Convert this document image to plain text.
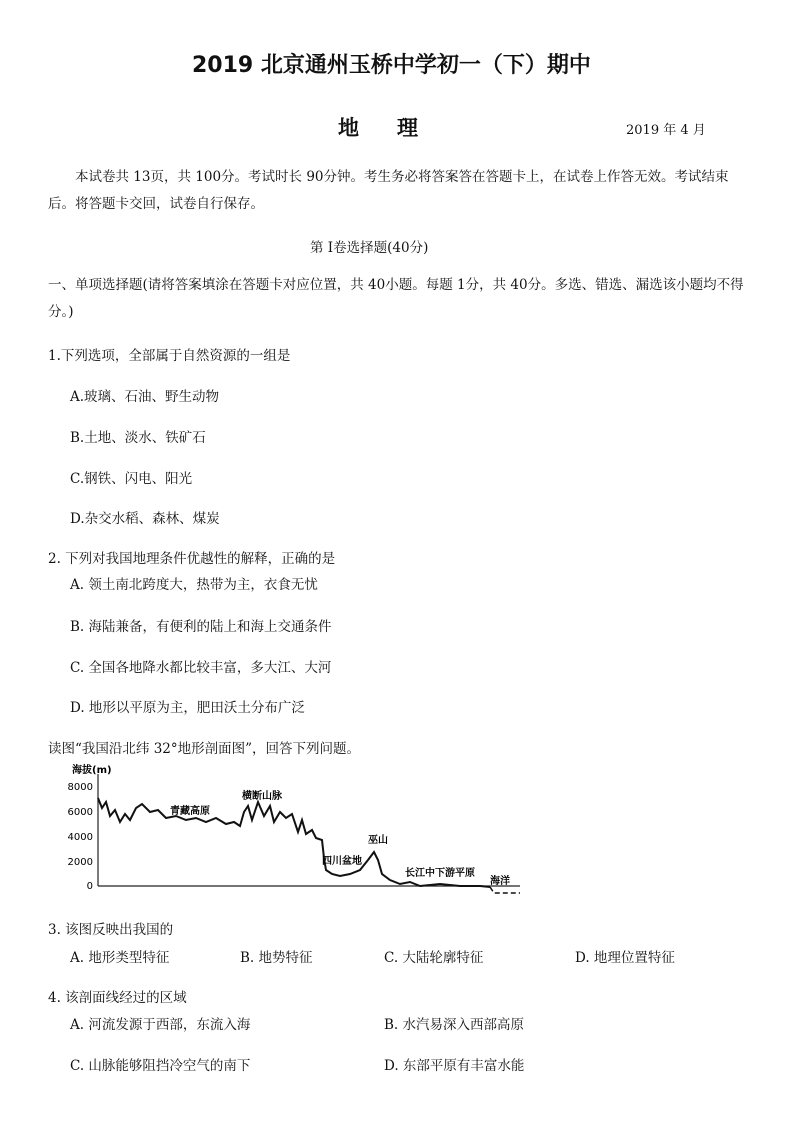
2019 北京通州玉桥中学初一（下）期中
地理	2019 年 4 月
本试卷共 13页，共 100分。考试时长 90分钟。考生务必将答案答在答题卡上，在试卷上作答无效。考试结束后。将答题卡交回，试卷自行保存。
第 I卷选择题(40分)
一、单项选择题(请将答案填涂在答题卡对应位置，共 40小题。每题 1分，共 40分。多选、错选、漏选该小题均不得分。)
1.下列选项，全部属于自然资源的一组是
A.玻璃、石油、野生动物
B.土地、淡水、铁矿石
C.钢铁、闪电、阳光
D.杂交水稻、森林、煤炭
2. 下列对我国地理条件优越性的解释，正确的是
A. 领土南北跨度大，热带为主，衣食无忧
B. 海陆兼备，有便利的陆上和海上交通条件
C. 全国各地降水都比较丰富，多大江、大河
D. 地形以平原为主，肥田沃土分布广泛
读图“我国沿北纬 32°地形剖面图”，回答下列问题。
海拔(m)
8000
6000
4000
2000
0
青藏高原
横断山脉
巫山
四川盆地
长江中下游平原
海洋
3. 该图反映出我国的
A. 地形类型特征	B. 地势特征	C. 大陆轮廓特征	D. 地理位置特征
4. 该剖面线经过的区域
A. 河流发源于西部，东流入海	B. 水汽易深入西部高原
C. 山脉能够阻挡冷空气的南下	D. 东部平原有丰富水能
